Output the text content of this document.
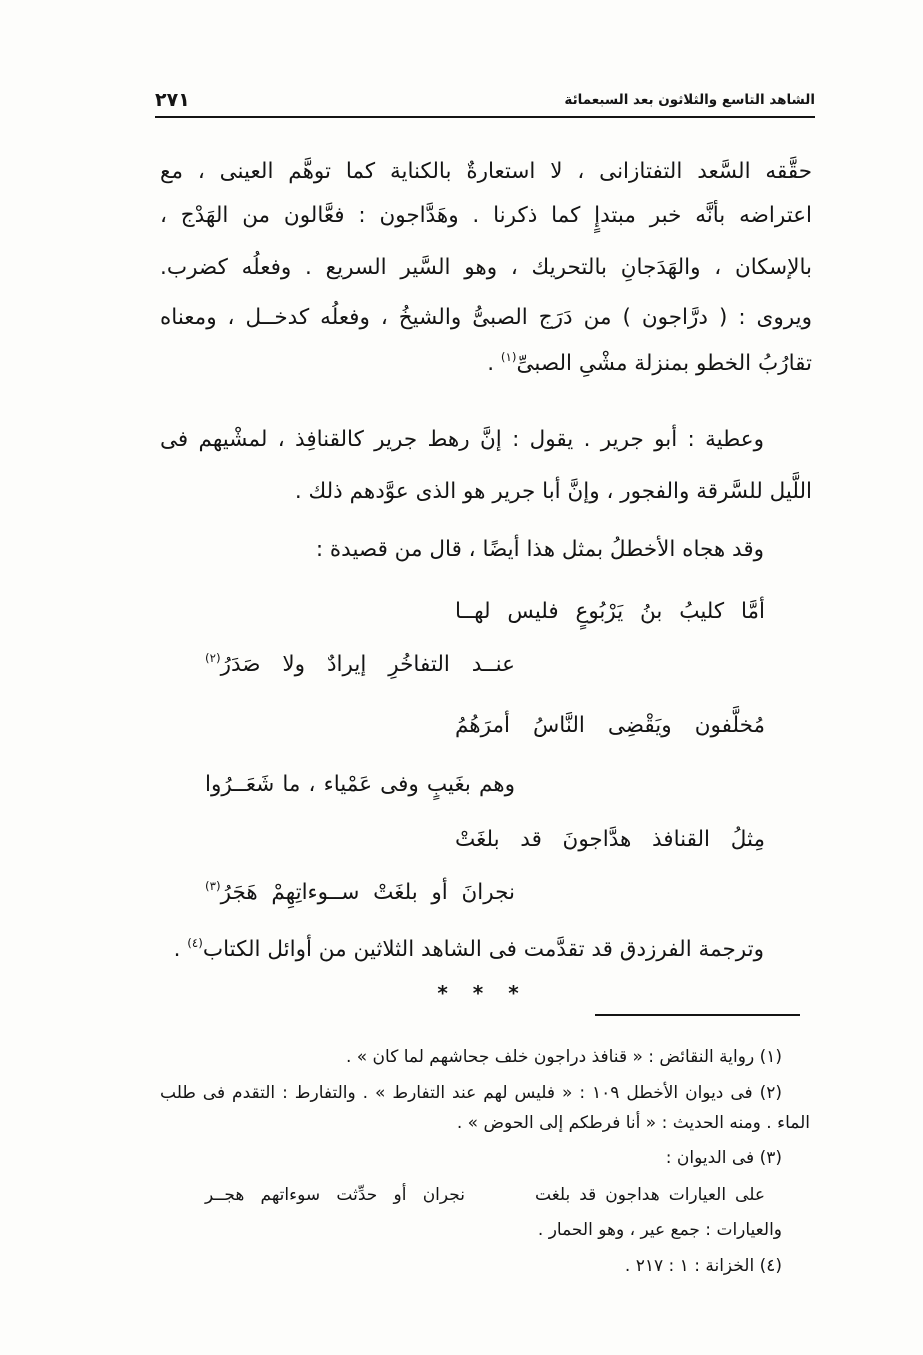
الشاهد التاسع والثلاثون بعد السبعمائة
٢٧١
حقَّقه السَّعد التفتازانى ، لا استعارةٌ بالكناية كما توهَّم العينى ، مع
اعتراضه بأنَّه خبر مبتدإٍ كما ذكرنا . وهَدَّاجون : فعَّالون من الهَدْج ،
بالإسكان ، والهَدَجانِ بالتحريك ، وهو السَّير السريع . وفعلُه كضرب.
ويروى : ( درَّاجون ) من دَرَج الصبىُّ والشيخُ ، وفعلُه كدخــل ، ومعناه
تقارُبُ الخطو بمنزلة مشْىِ الصبىِّ$^{(١)}$ .
وعطية : أبو جرير . يقول : إنَّ رهط جرير كالقنافِذ ، لمشْيهم فى
اللَّيل للسَّرقة والفجور ، وإنَّ أبا جرير هو الذى عوَّدهم ذلك .
وقد هجاه الأخطلُ بمثل هذا أيضًا ، قال من قصيدة :
أمَّا كليبُ بنُ يَرْبُوعٍ فليس لهــا
عنــد التفاخُرِ إيرادٌ ولا صَدَرُ$^{(٢)}$
مُخلَّفون ويَقْضِى النَّاسُ أمرَهُمُ
وهم بغَيبٍ وفى عَمْياء ، ما شَعَــرُوا
مِثلُ القنافذ هدَّاجونَ قد بلغَتْ
نجرانَ أو بلغَتْ ســوءاتِهِمْ هَجَرُ$^{(٣)}$
وترجمة الفرزدق قد تقدَّمت فى الشاهد الثلاثين من أوائل الكتاب$^{(٤)}$ .
* * *
(١) رواية النقائض : « قنافذ دراجون خلف جحاشهم لما كان » .
(٢) فى ديوان الأخطل ١٠٩ : « فليس لهم عند التفارط » . والتفارط : التقدم فى طلب
الماء . ومنه الحديث : « أنا فرطكم إلى الحوض » .
(٣) فى الديوان :
على العيارات هداجون قد بلغت
نجران أو حدِّثت سوءاتهم هجــر
والعيارات : جمع عير ، وهو الحمار .
(٤) الخزانة : ١ : ٢١٧ .
